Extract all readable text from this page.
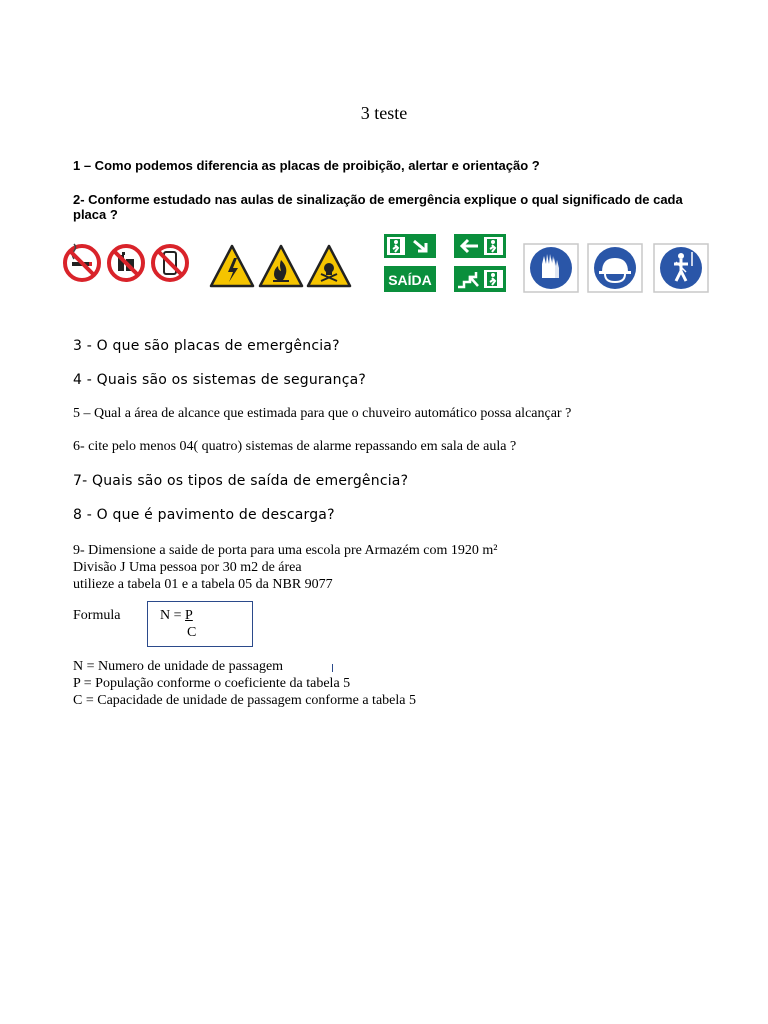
3 teste
1 – Como podemos diferencia as placas de proibição, alertar e orientação ?
2- Conforme estudado nas aulas de sinalização de emergência explique o qual significado de cada placa ?
SAÍDA
3 - O que são placas de emergência?
4 - Quais são os sistemas de segurança?
5 – Qual a área de alcance que estimada para que o chuveiro automático possa alcançar ?
6- cite pelo menos 04( quatro) sistemas de alarme repassando em sala de aula ?
7- Quais são os tipos de saída de emergência?
8 - O que é pavimento de descarga?
9- Dimensione a saide de porta para uma escola pre Armazém com 1920 m²
Divisão J Uma pessoa por 30 m2 de área
utilieze a tabela 01 e a tabela 05 da NBR 9077
Formula	N = P
C
N = Numero de unidade de passagem
P = População conforme o coeficiente da tabela 5
C = Capacidade de unidade de passagem conforme a tabela 5
